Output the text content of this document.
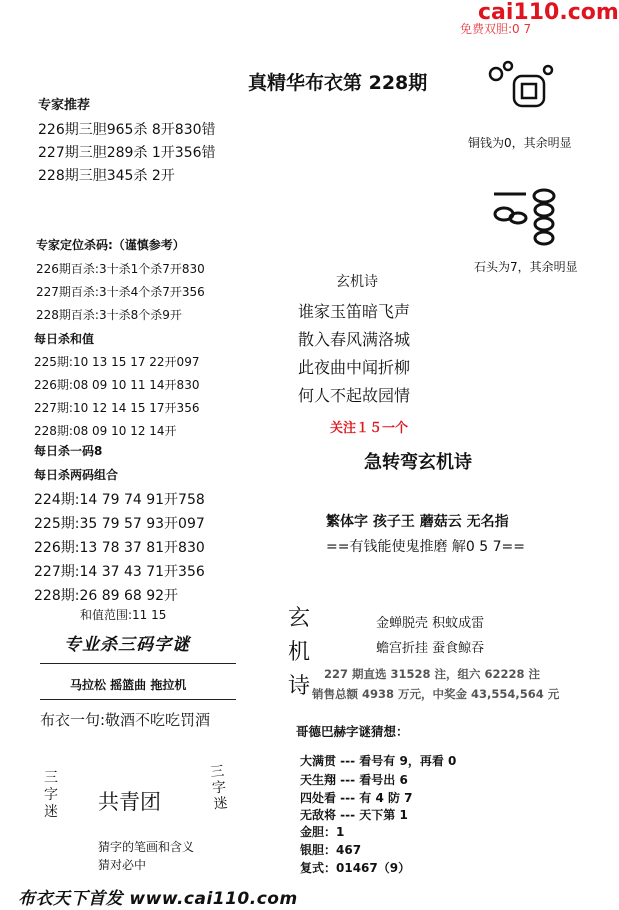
cai110.com
免费双胆:0 7
真精华布衣第 228期
专家推荐
226期三胆965杀 8开830错
227期三胆289杀 1开356错
228期三胆345杀 2开
铜钱为0，其余明显
石头为7，其余明显
专家定位杀码:（谨慎参考）
226期百杀:3十杀1个杀7开830
227期百杀:3十杀4个杀7开356
228期百杀:3十杀8个杀9开
玄机诗
谁家玉笛暗飞声
散入春风满洛城
此夜曲中闻折柳
何人不起故园情
每日杀和值
225期:10 13 15 17 22开097
226期:08 09 10 11 14开830
227期:10 12 14 15 17开356
228期:08 09 10 12 14开	关注１５一个
急转弯玄机诗
每日杀一码8
每日杀两码组合
224期:14 79 74 91开758
225期:35 79 57 93开097
226期:13 78 37 81开830
227期:14 37 43 71开356
228期:26 89 68 92开
繁体字 孩子王 蘑菇云 无名指
==有钱能使鬼推磨 解0 5 7==
和值范围:11 15
专业杀三码字谜
玄
机
诗
金蝉脱壳 积蚊成雷
蟾宫折挂 蚕食鲸吞
227 期直选 31528 注，组六 62228 注
销售总额 4938 万元，中奖金 43,554,564 元
马拉松 摇篮曲 拖拉机
布衣一句:敬酒不吃吃罚酒
哥德巴赫字谜猜想：
大满贯 --- 看号有 9，再看 0
天生翔 --- 看号出 6
四处看 --- 有 4 防 7
无敌将 --- 天下第 1
三
字
迷 共青团
三
字
迷
猜字的笔画和含义
猜对必中
金胆：1
银胆：467
复式：01467（9）
布衣天下首发 www.cai110.com
